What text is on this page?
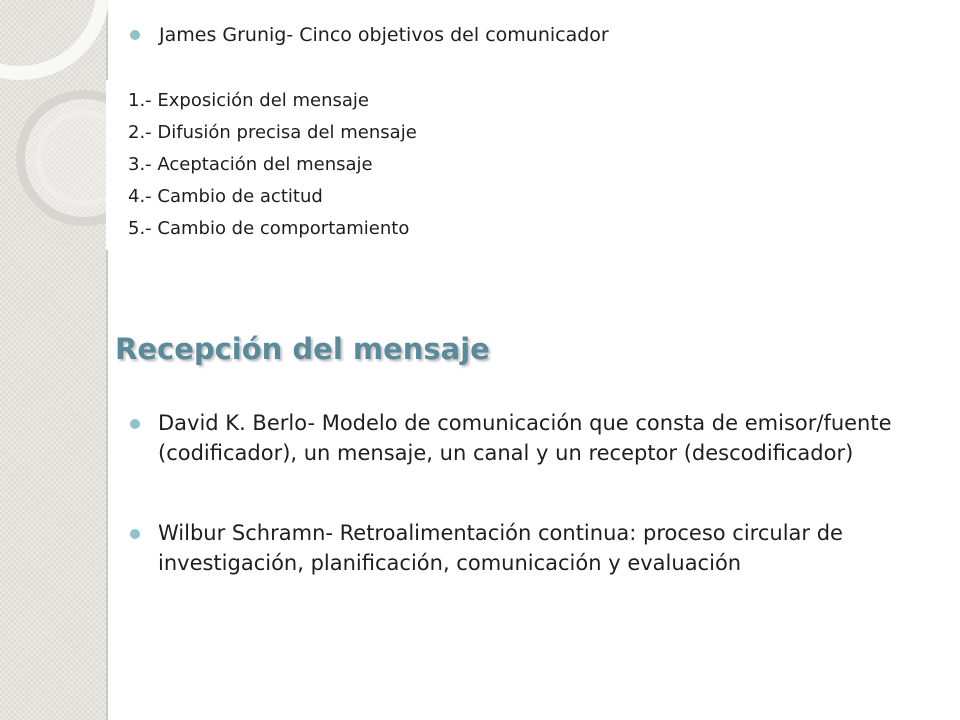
James Grunig- Cinco objetivos del comunicador
1.- Exposición del mensaje
2.- Difusión precisa del mensaje
3.- Aceptación del mensaje
4.- Cambio de actitud
5.- Cambio de comportamiento
Recepción del mensaje
David K. Berlo- Modelo de comunicación que consta de emisor/fuente (codificador), un mensaje, un canal y un receptor (descodificador)
Wilbur Schramn- Retroalimentación continua: proceso circular de investigación, planificación, comunicación y evaluación
